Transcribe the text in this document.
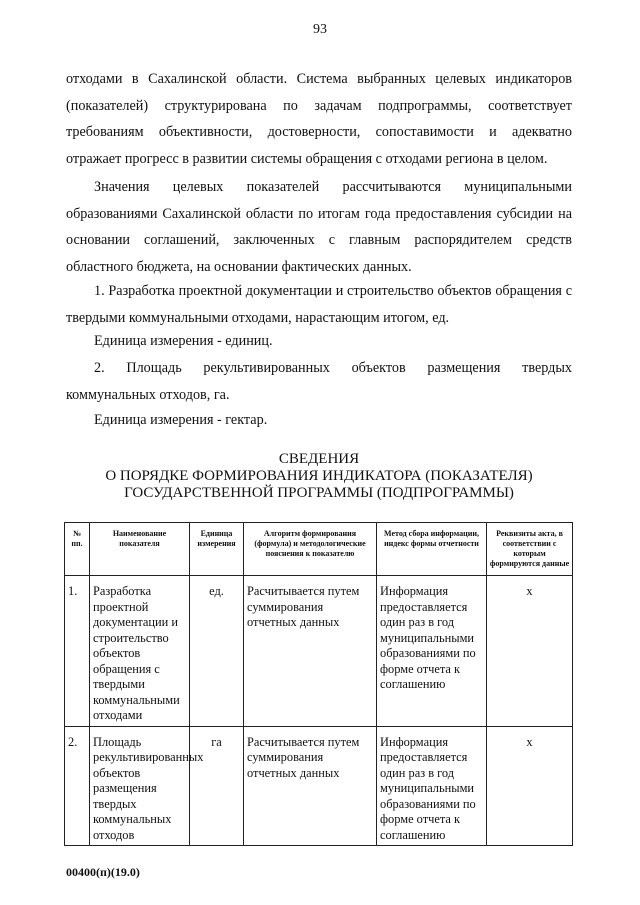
93

отходами в Сахалинской области. Система выбранных целевых индикаторов (показателей) структурирована по задачам подпрограммы, соответствует требованиям объективности, достоверности, сопоставимости и адекватно отражает прогресс в развитии системы обращения с отходами региона в целом.

Значения целевых показателей рассчитываются муниципальными образованиями Сахалинской области по итогам года предоставления субсидии на основании соглашений, заключенных с главным распорядителем средств областного бюджета, на основании фактических данных.

1. Разработка проектной документации и строительство объектов обращения с твердыми коммунальными отходами, нарастающим итогом, ед.

Единица измерения - единиц.

2. Площадь рекультивированных объектов размещения твердых коммунальных отходов, га.

Единица измерения - гектар.

СВЕДЕНИЯ
О ПОРЯДКЕ ФОРМИРОВАНИЯ ИНДИКАТОРА (ПОКАЗАТЕЛЯ)
ГОСУДАРСТВЕННОЙ ПРОГРАММЫ (ПОДПРОГРАММЫ)
№ пп.	Наименование показателя	Единица измерения	Алгоритм формирования (формула) и методологические пояснения к показателю	Метод сбора информации, индекс формы отчетности	Реквизиты акта, в соответствии с которым формируются данные
1.	Разработка проектной документации и строительство объектов обращения с твердыми коммунальными отходами	ед.	Расчитывается путем суммирования отчетных данных	Информация предоставляется один раз в год муниципальными образованиями по форме отчета к соглашению	x
2.	Площадь рекультивированных объектов размещения твердых коммунальных отходов	га	Расчитывается путем суммирования отчетных данных	Информация предоставляется один раз в год муниципальными образованиями по форме отчета к соглашению	x
00400(п)(19.0)
